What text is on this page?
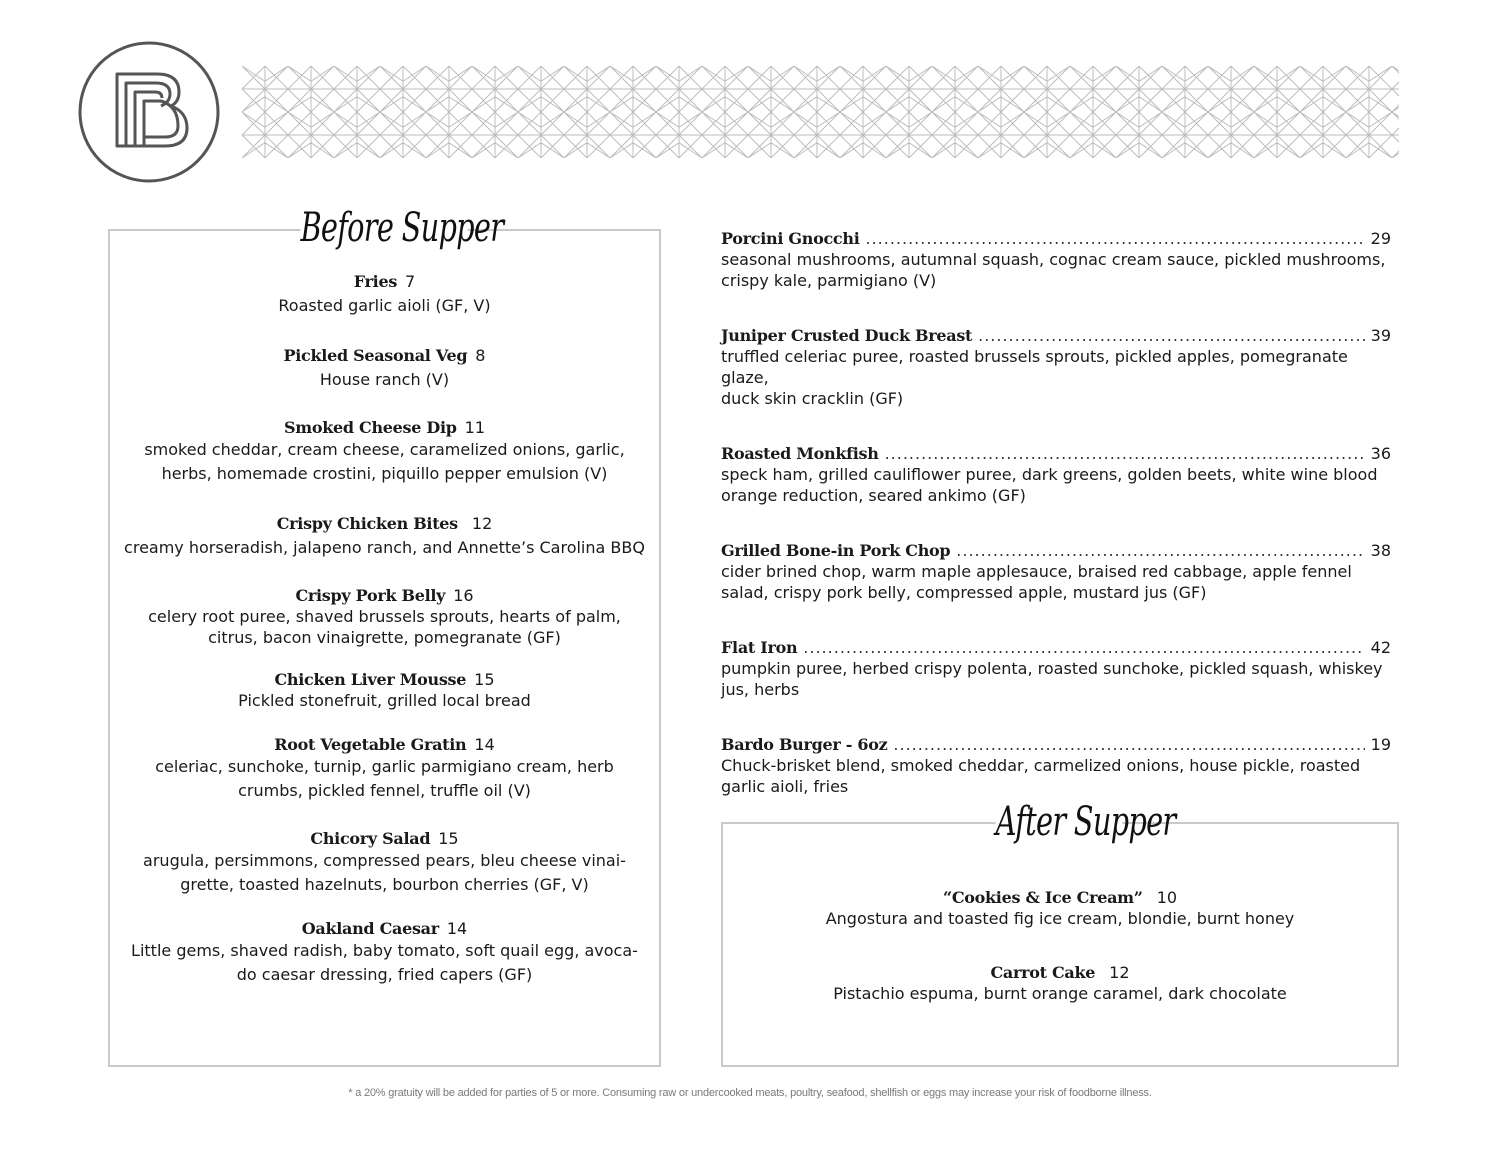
Before Supper
Fries 7
Roasted garlic aioli (GF, V)
Pickled Seasonal Veg 8
House ranch (V)
Smoked Cheese Dip 11
smoked cheddar, cream cheese, caramelized onions, garlic,
herbs, homemade crostini, piquillo pepper emulsion (V)
Crispy Chicken Bites 12
creamy horseradish, jalapeno ranch, and Annette’s Carolina BBQ
Crispy Pork Belly 16
celery root puree, shaved brussels sprouts, hearts of palm,
citrus, bacon vinaigrette, pomegranate (GF)
Chicken Liver Mousse 15
Pickled stonefruit, grilled local bread
Root Vegetable Gratin 14
celeriac, sunchoke, turnip, garlic parmigiano cream, herb
crumbs, pickled fennel, truffle oil (V)
Chicory Salad 15
arugula, persimmons, compressed pears, bleu cheese vinai-
grette, toasted hazelnuts, bourbon cherries (GF, V)
Oakland Caesar 14
Little gems, shaved radish, baby tomato, soft quail egg, avoca-
do caesar dressing, fried capers (GF)
Porcini Gnocchi .....	29
seasonal mushrooms, autumnal squash, cognac cream sauce, pickled mushrooms,
crispy kale, parmigiano (V)
Juniper Crusted Duck Breast .....	39
truffled celeriac puree, roasted brussels sprouts, pickled apples, pomegranate glaze,
duck skin cracklin (GF)
Roasted Monkfish .....	36
speck ham, grilled cauliflower puree, dark greens, golden beets, white wine blood
orange reduction, seared ankimo (GF)
Grilled Bone-in Pork Chop .....	38
cider brined chop, warm maple applesauce, braised red cabbage, apple fennel
salad, crispy pork belly, compressed apple, mustard jus (GF)
Flat Iron .....	42
pumpkin puree, herbed crispy polenta, roasted sunchoke, pickled squash, whiskey
jus, herbs
Bardo Burger - 6oz .....	19
Chuck-brisket blend, smoked cheddar, carmelized onions, house pickle, roasted
garlic aioli, fries
After Supper
“Cookies & Ice Cream” 10
Angostura and toasted fig ice cream, blondie, burnt honey
Carrot Cake 12
Pistachio espuma, burnt orange caramel, dark chocolate
* a 20% gratuity will be added for parties of 5 or more. Consuming raw or undercooked meats, poultry, seafood, shellfish or eggs may increase your risk of foodborne illness.
